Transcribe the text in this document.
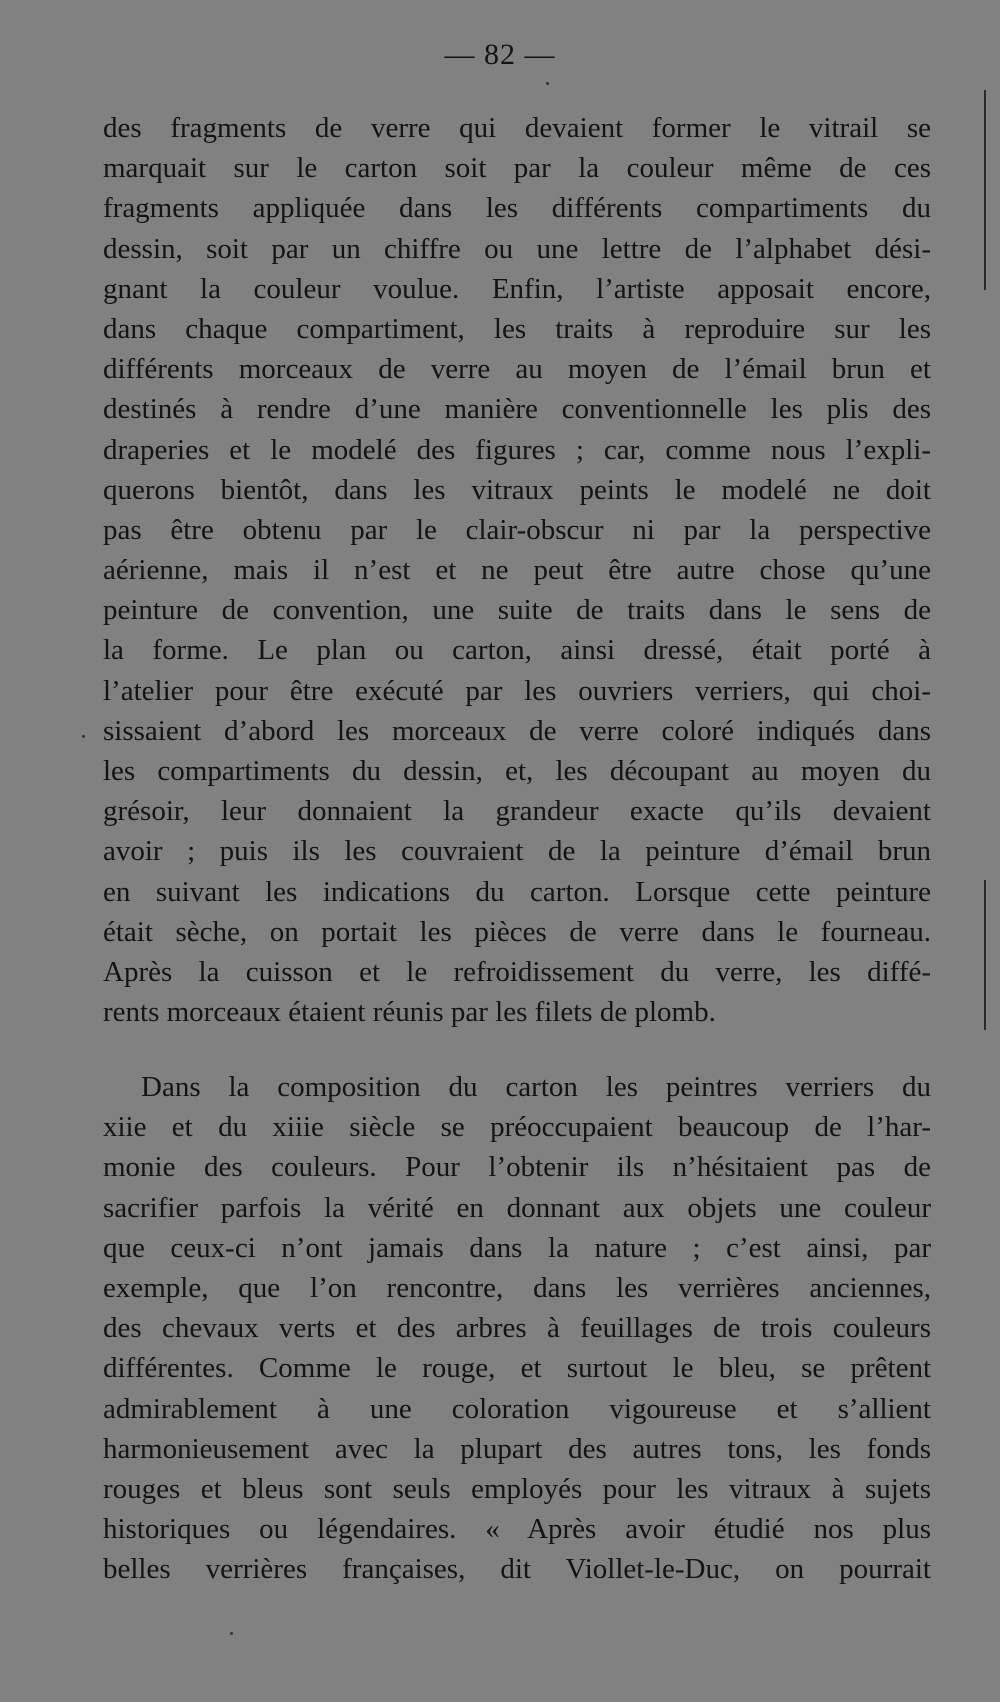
— 82 —
des fragments de verre qui devaient former le vitrail se
marquait sur le carton soit par la couleur même de ces
fragments appliquée dans les différents compartiments du
dessin, soit par un chiffre ou une lettre de l’alphabet dési-
gnant la couleur voulue. Enfin, l’artiste apposait encore,
dans chaque compartiment, les traits à reproduire sur les
différents morceaux de verre au moyen de l’émail brun et
destinés à rendre d’une manière conventionnelle les plis des
draperies et le modelé des figures ; car, comme nous l’expli-
querons bientôt, dans les vitraux peints le modelé ne doit
pas être obtenu par le clair-obscur ni par la perspective
aérienne, mais il n’est et ne peut être autre chose qu’une
peinture de convention, une suite de traits dans le sens de
la forme. Le plan ou carton, ainsi dressé, était porté à
l’atelier pour être exécuté par les ouvriers verriers, qui choi-
sissaient d’abord les morceaux de verre coloré indiqués dans
les compartiments du dessin, et, les découpant au moyen du
grésoir, leur donnaient la grandeur exacte qu’ils devaient
avoir ; puis ils les couvraient de la peinture d’émail brun
en suivant les indications du carton. Lorsque cette peinture
était sèche, on portait les pièces de verre dans le fourneau.
Après la cuisson et le refroidissement du verre, les diffé-
rents morceaux étaient réunis par les filets de plomb.
Dans la composition du carton les peintres verriers du
xiie et du xiiie siècle se préoccupaient beaucoup de l’har-
monie des couleurs. Pour l’obtenir ils n’hésitaient pas de
sacrifier parfois la vérité en donnant aux objets une couleur
que ceux-ci n’ont jamais dans la nature ; c’est ainsi, par
exemple, que l’on rencontre, dans les verrières anciennes,
des chevaux verts et des arbres à feuillages de trois couleurs
différentes. Comme le rouge, et surtout le bleu, se prêtent
admirablement à une coloration vigoureuse et s’allient
harmonieusement avec la plupart des autres tons, les fonds
rouges et bleus sont seuls employés pour les vitraux à sujets
historiques ou légendaires. « Après avoir étudié nos plus
belles verrières françaises, dit Viollet-le-Duc, on pourrait
